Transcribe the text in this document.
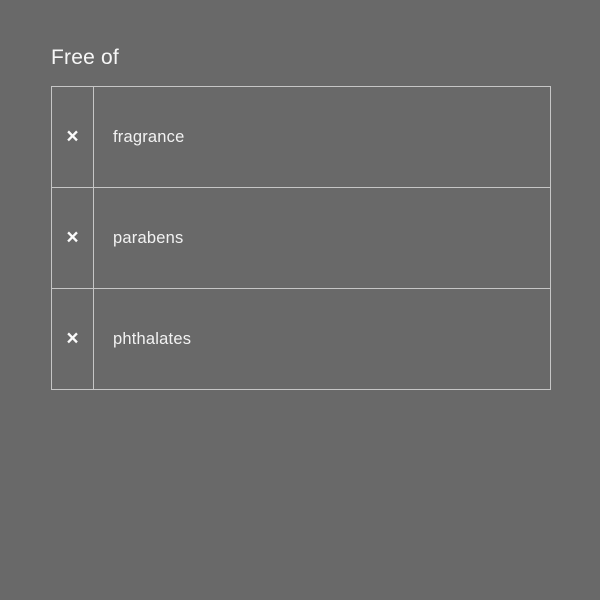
Free of
×	fragrance
×	parabens
×	phthalates
